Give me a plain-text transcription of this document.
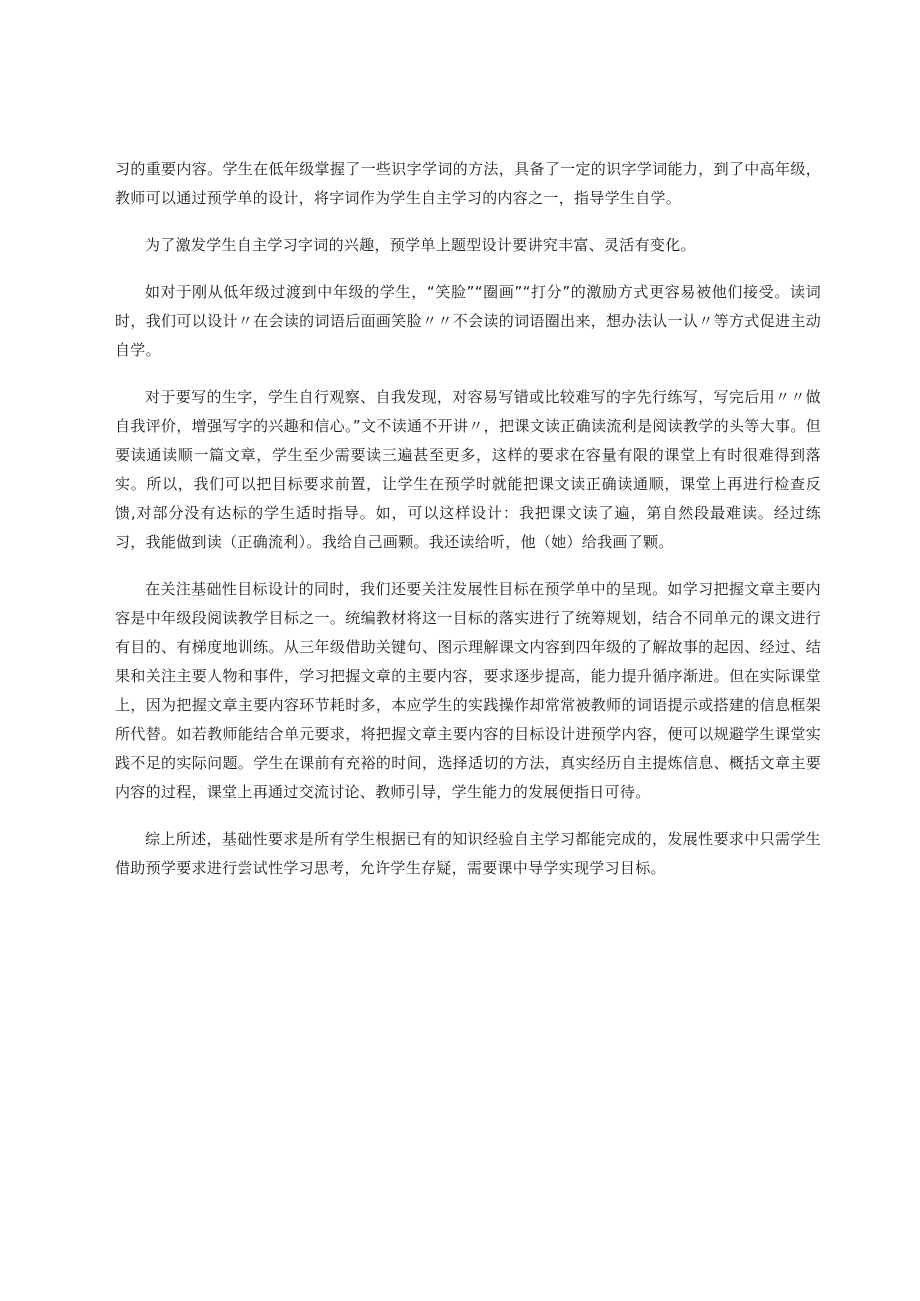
习的重要内容。学生在低年级掌握了一些识字学词的方法，具备了一定的识字学词能力，到了中高年级，教师可以通过预学单的设计，将字词作为学生自主学习的内容之一，指导学生自学。

为了激发学生自主学习字词的兴趣，预学单上题型设计要讲究丰富、灵活有变化。

如对于刚从低年级过渡到中年级的学生，“笑脸”“圈画”“打分”的激励方式更容易被他们接受。读词时，我们可以设计〃在会读的词语后面画笑脸〃〃不会读的词语圈出来，想办法认一认〃等方式促进主动自学。

对于要写的生字，学生自行观察、自我发现，对容易写错或比较难写的字先行练写，写完后用〃〃做自我评价，增强写字的兴趣和信心。”文不读通不开讲〃，把课文读正确读流利是阅读教学的头等大事。但要读通读顺一篇文章，学生至少需要读三遍甚至更多，这样的要求在容量有限的课堂上有时很难得到落实。所以，我们可以把目标要求前置，让学生在预学时就能把课文读正确读通顺，课堂上再进行检查反馈,对部分没有达标的学生适时指导。如，可以这样设计：我把课文读了遍，第自然段最难读。经过练习，我能做到读（正确流利）。我给自己画颗。我还读给听，他（她）给我画了颗。

在关注基础性目标设计的同时，我们还要关注发展性目标在预学单中的呈现。如学习把握文章主要内容是中年级段阅读教学目标之一。统编教材将这一目标的落实进行了统筹规划，结合不同单元的课文进行有目的、有梯度地训练。从三年级借助关键句、图示理解课文内容到四年级的了解故事的起因、经过、结果和关注主要人物和事件，学习把握文章的主要内容，要求逐步提高，能力提升循序渐进。但在实际课堂上，因为把握文章主要内容环节耗时多，本应学生的实践操作却常常被教师的词语提示或搭建的信息框架所代替。如若教师能结合单元要求，将把握文章主要内容的目标设计进预学内容，便可以规避学生课堂实践不足的实际问题。学生在课前有充裕的时间，选择适切的方法，真实经历自主提炼信息、概括文章主要内容的过程，课堂上再通过交流讨论、教师引导，学生能力的发展便指日可待。

综上所述，基础性要求是所有学生根据已有的知识经验自主学习都能完成的，发展性要求中只需学生借助预学要求进行尝试性学习思考，允许学生存疑，需要课中导学实现学习目标。
